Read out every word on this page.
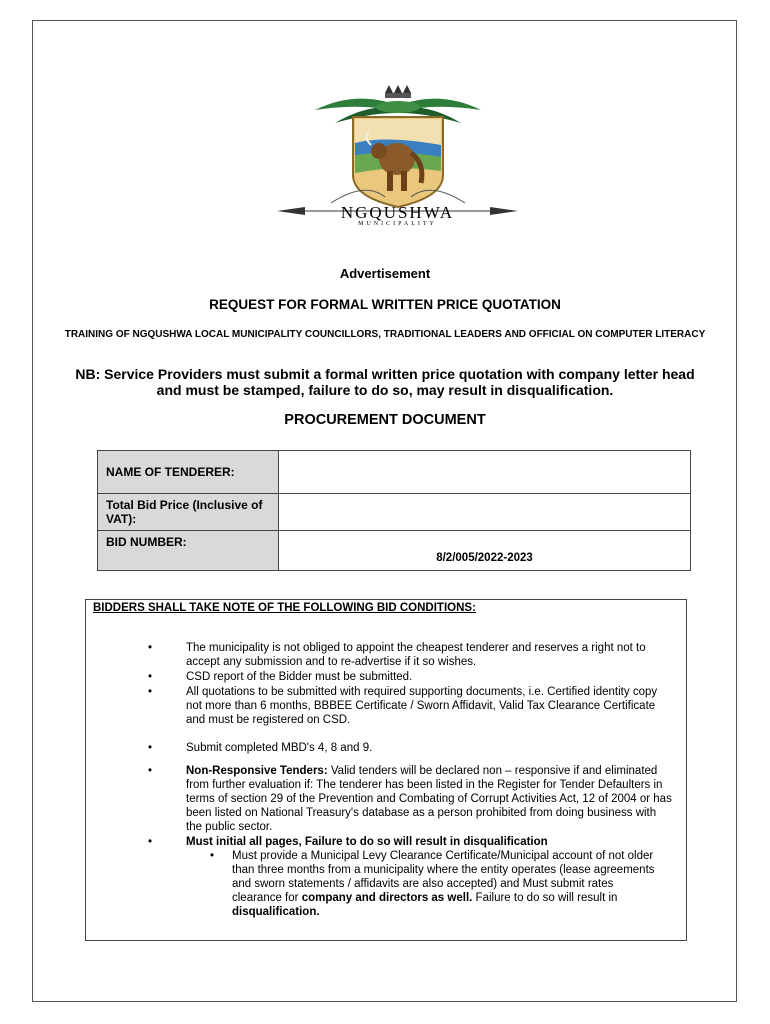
NGQUSHWA
MUNICIPALITY
Advertisement
REQUEST FOR FORMAL WRITTEN PRICE QUOTATION
TRAINING OF NGQUSHWA LOCAL MUNICIPALITY COUNCILLORS, TRADITIONAL LEADERS AND OFFICIAL ON COMPUTER LITERACY
NB: Service Providers must submit a formal written price quotation with company letter head and must be stamped, failure to do so, may result in disqualification.
PROCUREMENT DOCUMENT
NAME OF TENDERER:	
Total Bid Price (Inclusive of VAT):	
BID NUMBER:	8/2/005/2022-2023
BIDDERS SHALL TAKE NOTE OF THE FOLLOWING BID CONDITIONS:
•	The municipality is not obliged to appoint the cheapest tenderer and reserves a right not to accept any submission and to re-advertise if it so wishes.
•	CSD report of the Bidder must be submitted.
•	All quotations to be submitted with required supporting documents, i.e. Certified identity copy not more than 6 months, BBBEE Certificate / Sworn Affidavit, Valid Tax Clearance Certificate and must be registered on CSD.
•	Submit completed MBD's 4, 8 and 9.
•	Non-Responsive Tenders: Valid tenders will be declared non – responsive if and eliminated from further evaluation if: The tenderer has been listed in the Register for Tender Defaulters in terms of section 29 of the Prevention and Combating of Corrupt Activities Act, 12 of 2004 or has been listed on National Treasury's database as a person prohibited from doing business with the public sector.
•	Must initial all pages, Failure to do so will result in disqualification
• Must provide a Municipal Levy Clearance Certificate/Municipal account of not older than three months from a municipality where the entity operates (lease agreements and sworn statements / affidavits are also accepted) and Must submit rates clearance for company and directors as well. Failure to do so will result in disqualification.
